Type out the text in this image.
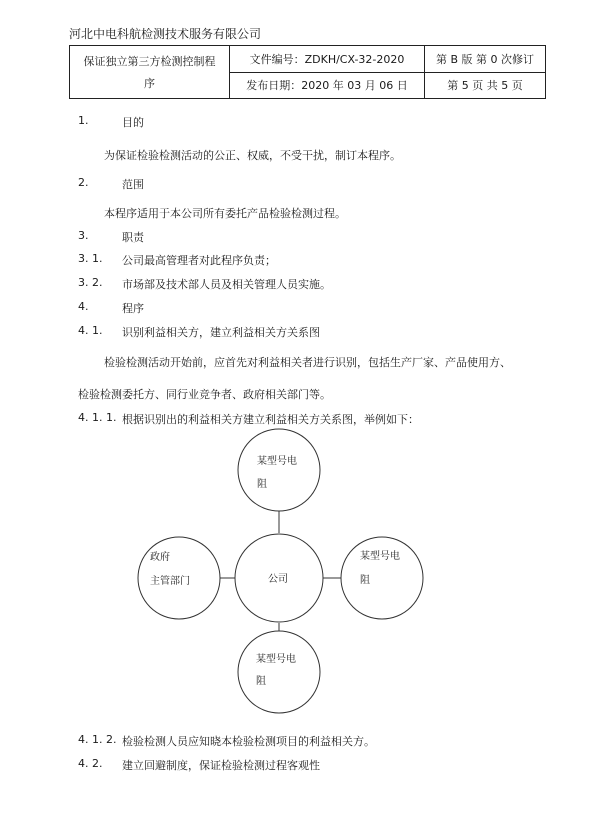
河北中电科航检测技术服务有限公司
保证独立第三方检测控制程
序	文件编号：ZDKH/CX-32-2020	第 B 版 第 0 次修订
	发布日期：2020 年 03 月 06 日	第 5 页 共 5 页
1.	目的
为保证检验检测活动的公正、权威，不受干扰，制订本程序。
2.	范围
本程序适用于本公司所有委托产品检验检测过程。
3.	职责
3. 1. 公司最高管理者对此程序负责；
3. 2. 市场部及技术部人员及相关管理人员实施。
4.	程序
4. 1. 识别利益相关方，建立利益相关方关系图
检验检测活动开始前，应首先对利益相关者进行识别，包括生产厂家、产品使用方、
检验检测委托方、同行业竞争者、政府相关部门等。
4. 1. 1. 根据识别出的利益相关方建立利益相关方关系图，举例如下：
某型号电
阻
政府
主管部门	公司
某型号电
阻
某型号电
阻
4. 1. 2. 检验检测人员应知晓本检验检测项目的利益相关方。
4. 2. 建立回避制度，保证检验检测过程客观性
